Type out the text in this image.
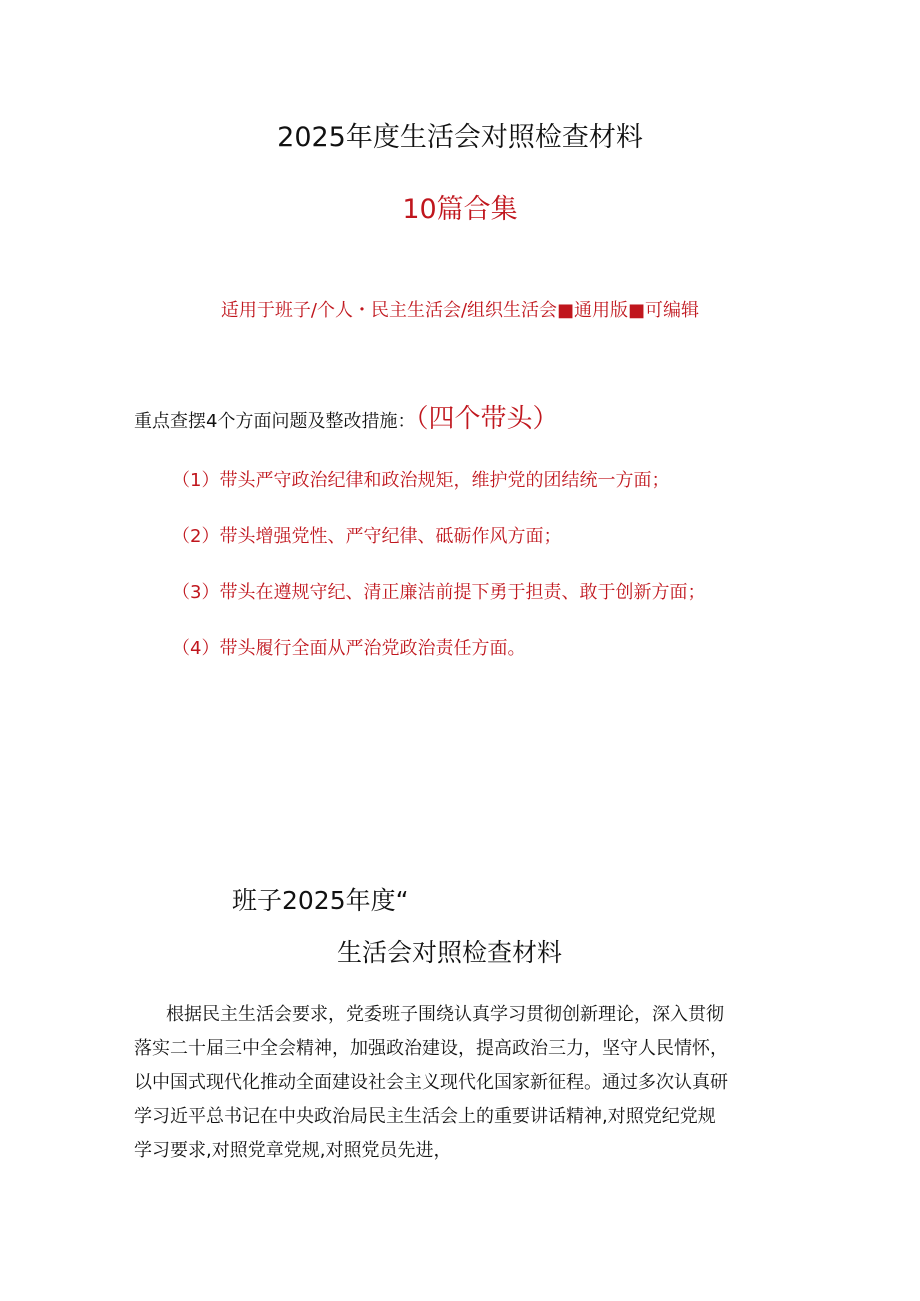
2025年度生活会对照检查材料
10篇合集
适用于班子/个人・民主生活会/组织生活会■通用版■可编辑
重点查摆4个方面问题及整改措施：（四个带头）
（1）带头严守政治纪律和政治规矩，维护党的团结统一方面；
（2）带头增强党性、严守纪律、砥砺作风方面；
（3）带头在遵规守纪、清正廉洁前提下勇于担责、敢于创新方面；
（4）带头履行全面从严治党政治责任方面。
班子2025年度“
生活会对照检查材料
根据民主生活会要求，党委班子围绕认真学习贯彻创新理论，深入贯彻
落实二十届三中全会精神，加强政治建设，提高政治三力，坚守人民情怀，
以中国式现代化推动全面建设社会主义现代化国家新征程。通过多次认真研
学习近平总书记在中央政治局民主生活会上的重要讲话精神,对照党纪党规
学习要求,对照党章党规,对照党员先进，
